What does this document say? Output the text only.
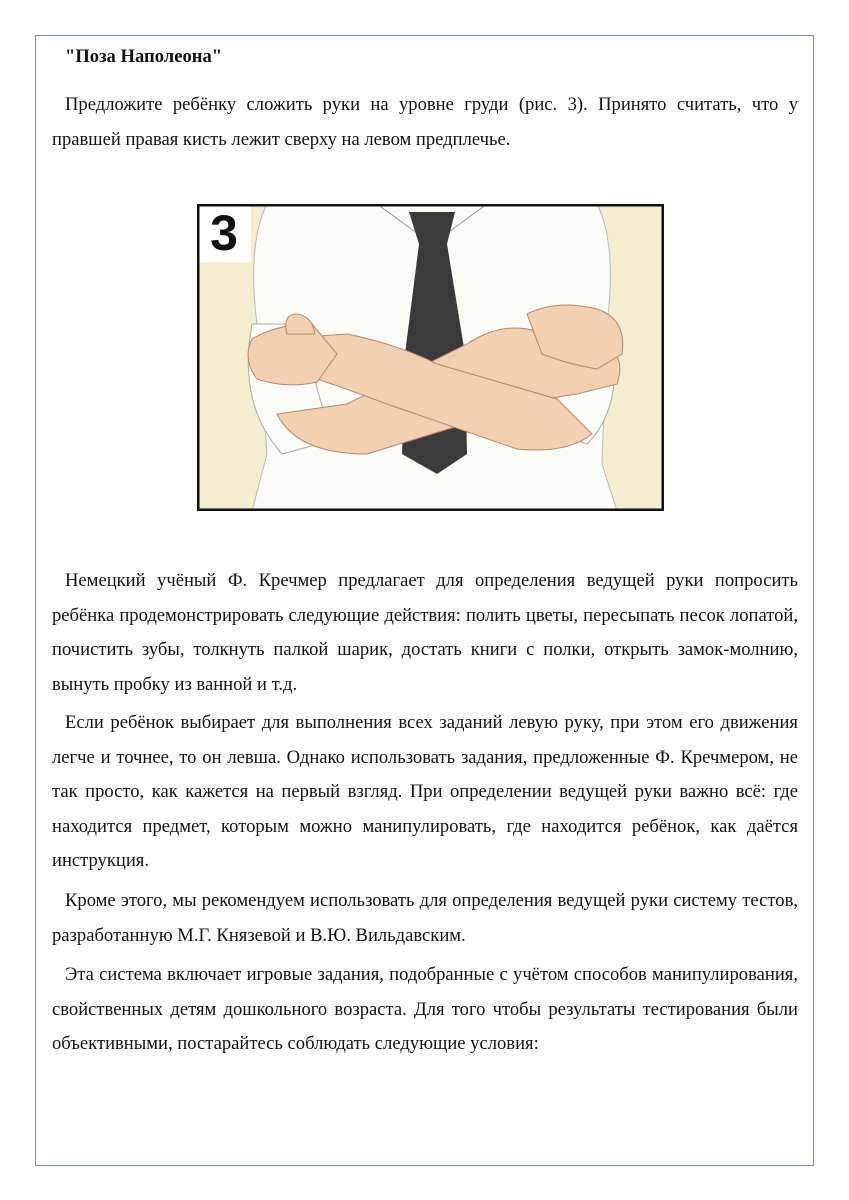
"Поза Наполеона"

Предложите ребёнку сложить руки на уровне груди (рис. 3). Принято считать, что у правшей правая кисть лежит сверху на левом предплечье.

3

Немецкий учёный Ф. Кречмер предлагает для определения ведущей руки попросить ребёнка продемонстрировать следующие действия: полить цветы, пересыпать песок лопатой, почистить зубы, толкнуть палкой шарик, достать книги с полки, открыть замок-молнию, вынуть пробку из ванной и т.д.

Если ребёнок выбирает для выполнения всех заданий левую руку, при этом его движения легче и точнее, то он левша. Однако использовать задания, предложенные Ф. Кречмером, не так просто, как кажется на первый взгляд. При определении ведущей руки важно всё: где находится предмет, которым можно манипулировать, где находится ребёнок, как даётся инструкция.

Кроме этого, мы рекомендуем использовать для определения ведущей руки систему тестов, разработанную М.Г. Князевой и В.Ю. Вильдавским.

Эта система включает игровые задания, подобранные с учётом способов манипулирования, свойственных детям дошкольного возраста. Для того чтобы результаты тестирования были объективными, постарайтесь соблюдать следующие условия:
